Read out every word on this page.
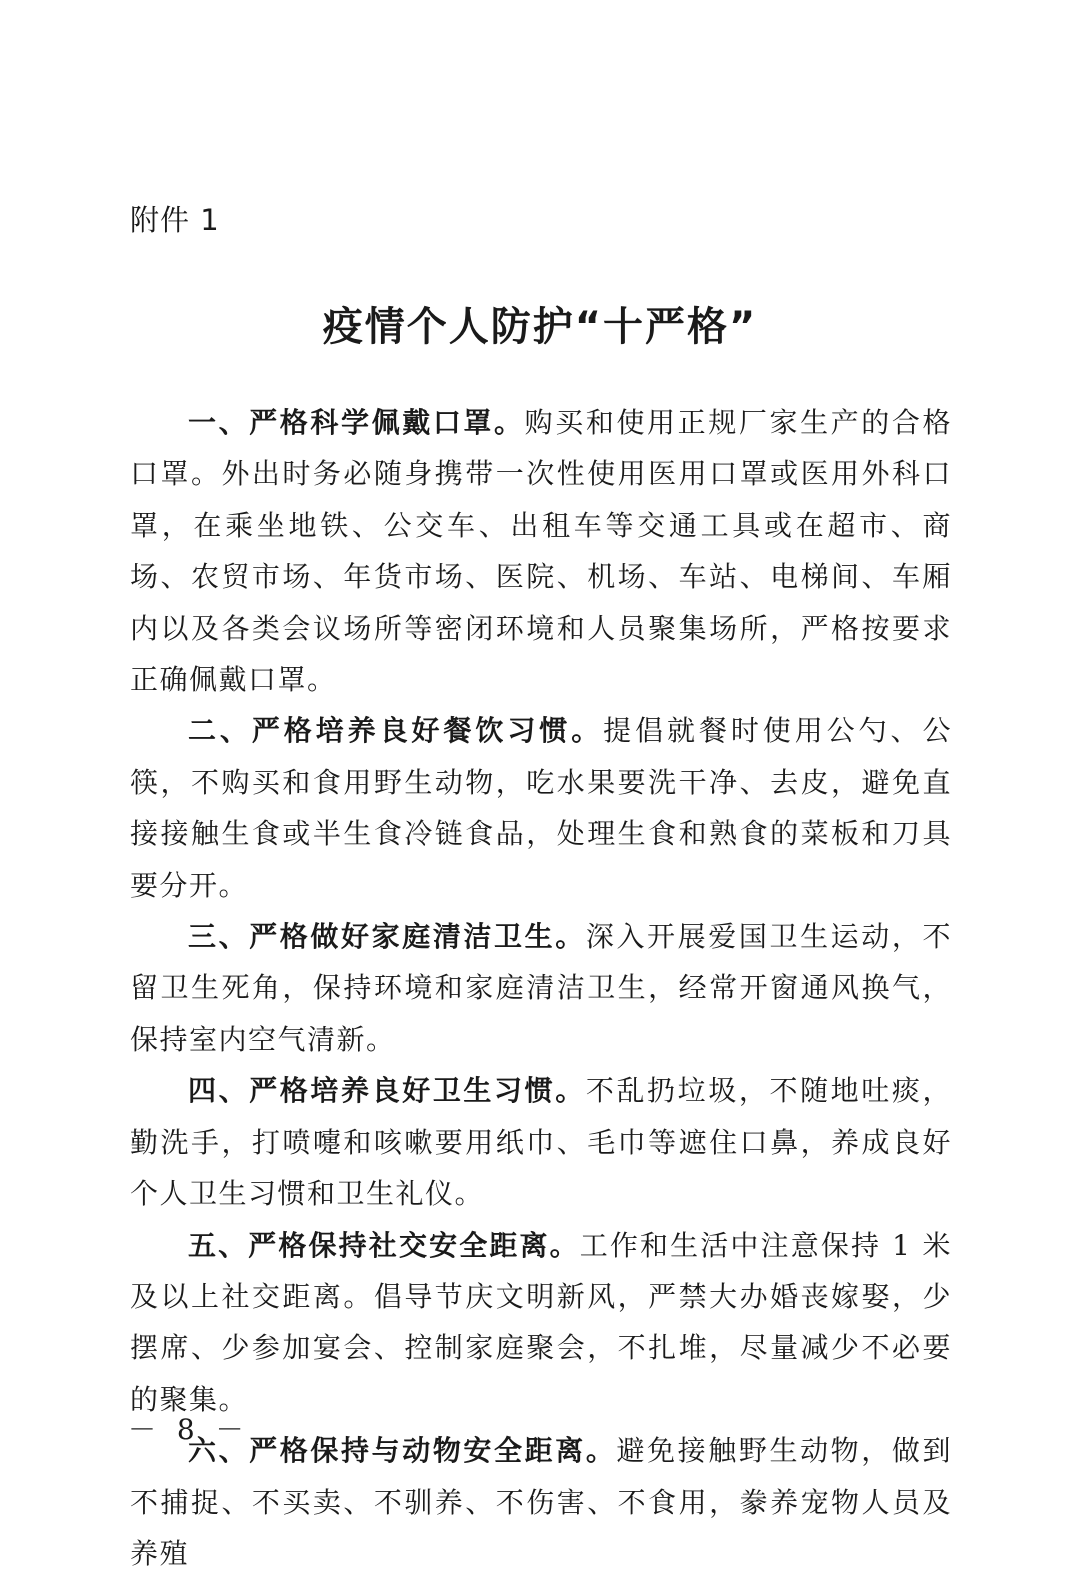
附件 1
疫情个人防护“十严格”

一、严格科学佩戴口罩。购买和使用正规厂家生产的合格口罩。外出时务必随身携带一次性使用医用口罩或医用外科口罩，在乘坐地铁、公交车、出租车等交通工具或在超市、商场、农贸市场、年货市场、医院、机场、车站、电梯间、车厢内以及各类会议场所等密闭环境和人员聚集场所，严格按要求正确佩戴口罩。

二、严格培养良好餐饮习惯。提倡就餐时使用公勺、公筷，不购买和食用野生动物，吃水果要洗干净、去皮，避免直接接触生食或半生食冷链食品，处理生食和熟食的菜板和刀具要分开。

三、严格做好家庭清洁卫生。深入开展爱国卫生运动，不留卫生死角，保持环境和家庭清洁卫生，经常开窗通风换气，保持室内空气清新。

四、严格培养良好卫生习惯。不乱扔垃圾，不随地吐痰，勤洗手，打喷嚏和咳嗽要用纸巾、毛巾等遮住口鼻，养成良好个人卫生习惯和卫生礼仪。

五、严格保持社交安全距离。工作和生活中注意保持 1 米及以上社交距离。倡导节庆文明新风，严禁大办婚丧嫁娶，少摆席、少参加宴会、控制家庭聚会，不扎堆，尽量减少不必要的聚集。

六、严格保持与动物安全距离。避免接触野生动物，做到不捕捉、不买卖、不驯养、不伤害、不食用，豢养宠物人员及养殖

－ 8 －
